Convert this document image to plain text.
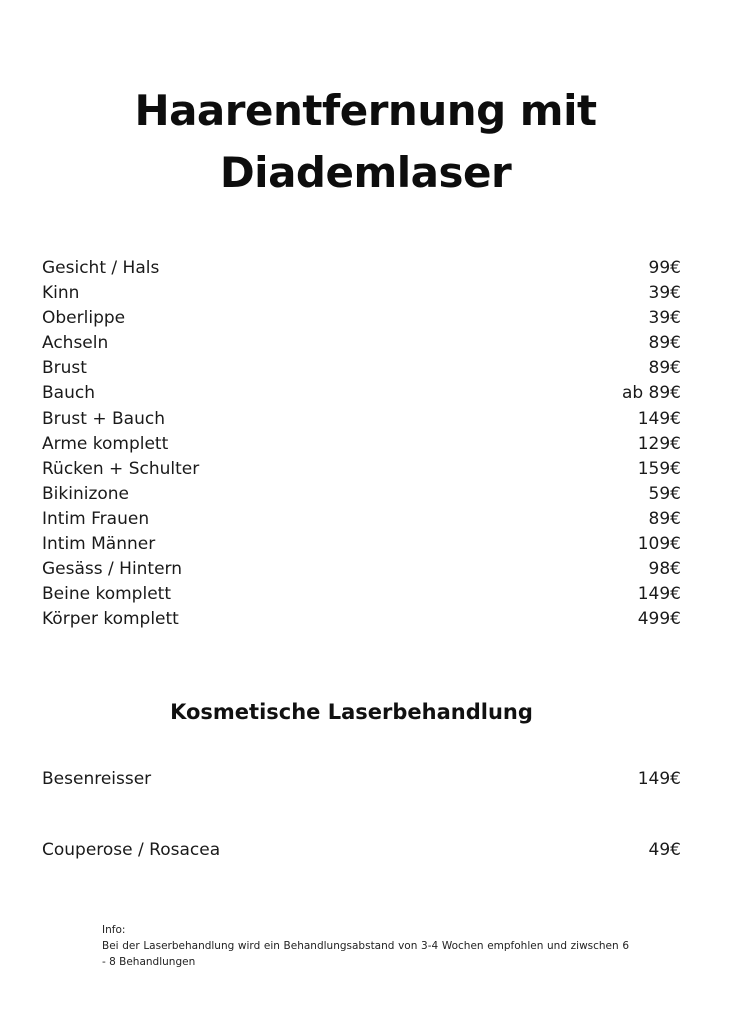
Haarentfernung mit
Diademlaser
Gesicht / Hals	99€
Kinn	39€
Oberlippe	39€
Achseln	89€
Brust	89€
Bauch	ab 89€
Brust + Bauch	149€
Arme komplett	129€
Rücken + Schulter	159€
Bikinizone	59€
Intim Frauen	89€
Intim Männer	109€
Gesäss / Hintern	98€
Beine komplett	149€
Körper komplett	499€
Kosmetische Laserbehandlung
Besenreisser	149€
Couperose / Rosacea	49€
Info:
Bei der Laserbehandlung wird ein Behandlungsabstand von 3-4 Wochen empfohlen und ziwschen 6 - 8 Behandlungen
